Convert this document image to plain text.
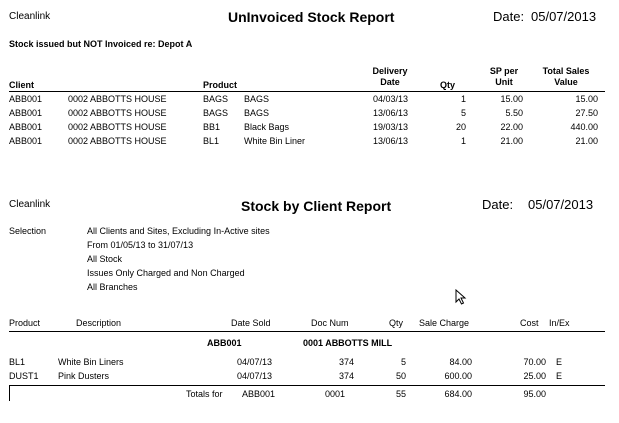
Cleanlink	UnInvoiced Stock Report	Date: 05/07/2013
Stock issued but NOT Invoiced re: Depot A
Client	Product
Delivery
Date	Qty
SP per
Unit
Total Sales
Value
ABB001	0002 ABBOTTS HOUSE	BAGS BAGS	04/03/13	1	15.00	15.00
ABB001	0002 ABBOTTS HOUSE	BAGS BAGS	13/06/13	5	5.50	27.50
ABB001	0002 ABBOTTS HOUSE	BB1	Black Bags	19/03/13	20	22.00	440.00
ABB001	0002 ABBOTTS HOUSE	BL1	White Bin Liner	13/06/13	1	21.00	21.00
Cleanlink	Stock by Client Report	Date: 05/07/2013
Selection	All Clients and Sites, Excluding In-Active sites
From 01/05/13 to 31/07/13
All Stock
Issues Only Charged and Non Charged
All Branches
Product	Description	Date Sold	Doc Num	Qty Sale Charge	Cost In/Ex
ABB001	0001 ABBOTTS MILL
BL1	White Bin Liners	04/07/13	374	5	84.00	70.00 E
DUST1 Pink Dusters	04/07/13	374	50	600.00	25.00 E
Totals for ABB001	0001	55	684.00	95.00
